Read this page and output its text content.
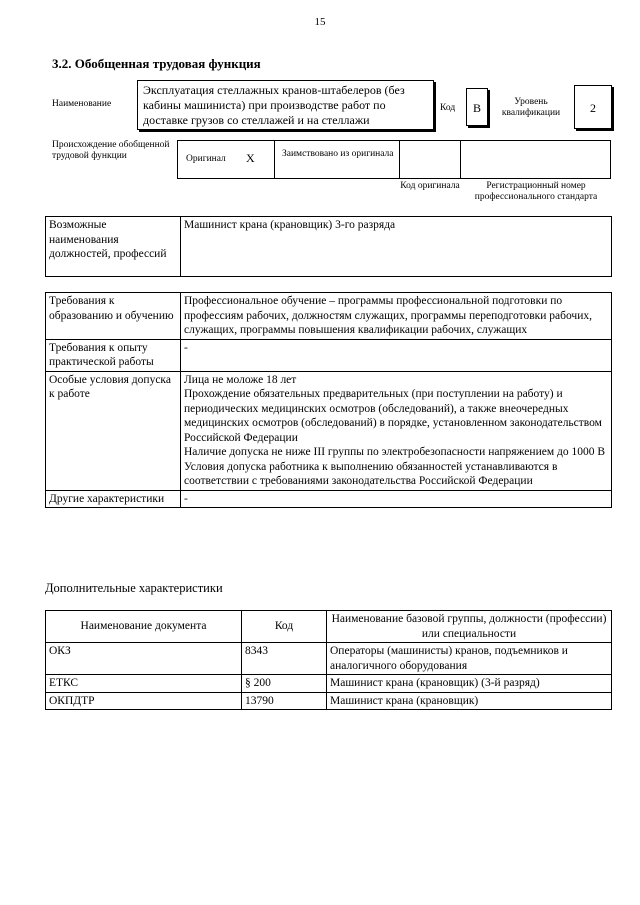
15
3.2. Обобщенная трудовая функция
Наименование
Эксплуатация стеллажных кранов-штабелеров (без кабины машиниста) при производстве работ по доставке грузов со стеллажей и на стеллажи
Код	B	Уровень квалификации	2
Происхождение обобщенной трудовой функции	Оригинал X	Заимствовано из оригинала
Код оригинала	Регистрационный номер профессионального стандарта
Возможные наименования должностей, профессий	Машинист крана (крановщик) 3-го разряда
Требования к образованию и обучению	Профессиональное обучение – программы профессиональной подготовки по профессиям рабочих, должностям служащих, программы переподготовки рабочих, служащих, программы повышения квалификации рабочих, служащих

Требования к опыту практической работы	-

Особые условия допуска к работе	Лица не моложе 18 лет
Прохождение обязательных предварительных (при поступлении на работу) и периодических медицинских осмотров (обследований), а также внеочередных медицинских осмотров (обследований) в порядке, установленном законодательством Российской Федерации
Наличие допуска не ниже III группы по электробезопасности напряжением до 1000 В
Условия допуска работника к выполнению обязанностей устанавливаются в соответствии с требованиями законодательства Российской Федерации

Другие характеристики	-
Дополнительные характеристики
Наименование документа	Код	Наименование базовой группы, должности (профессии) или специальности
ОКЗ	8343	Операторы (машинисты) кранов, подъемников и аналогичного оборудования
ЕТКС	§ 200	Машинист крана (крановщик) (3-й разряд)
ОКПДТР	13790	Машинист крана (крановщик)
